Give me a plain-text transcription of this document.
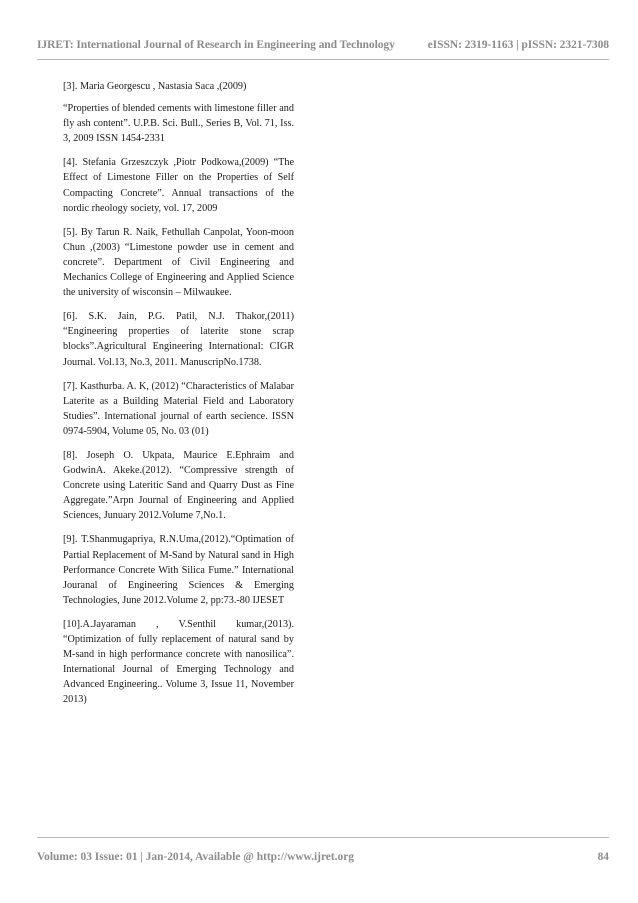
IJRET: International Journal of Research in Engineering and Technology	eISSN: 2319-1163 | pISSN: 2321-7308

[3]. Maria Georgescu , Nastasia Saca ,(2009)

“Properties of blended cements with limestone filler and fly ash content”. U.P.B. Sci. Bull., Series B, Vol. 71, Iss. 3, 2009 ISSN 1454-2331

[4]. Stefania Grzeszczyk ,Piotr Podkowa,(2009) “The Effect of Limestone Filler on the Properties of Self Compacting Concrete”. Annual transactions of the nordic rheology society, vol. 17, 2009

[5]. By Tarun R. Naik, Fethullah Canpolat, Yoon-moon Chun ,(2003) “Limestone powder use in cement and concrete”. Department of Civil Engineering and Mechanics College of Engineering and Applied Science the university of wisconsin – Milwaukee.

[6]. S.K. Jain, P.G. Patil, N.J. Thakor,(2011) “Engineering properties of laterite stone scrap blocks”.Agricultural Engineering International: CIGR Journal. Vol.13, No.3, 2011. ManuscripNo.1738.

[7]. Kasthurba. A. K, (2012) “Characteristics of Malabar Laterite as a Building Material Field and Laboratory Studies”. International journal of earth secience. ISSN 0974-5904, Volume 05, No. 03 (01)

[8]. Joseph O. Ukpata, Maurice E.Ephraim and GodwinA. Akeke.(2012). “Compressive strength of Concrete using Lateritic Sand and Quarry Dust as Fine Aggregate.”Arpn Journal of Engineering and Applied Sciences, Junuary 2012.Volume 7,No.1.

[9]. T.Shanmugapriya, R.N.Uma,(2012).“Optimation of Partial Replacement of M-Sand by Natural sand in High Performance Concrete With Silica Fume.” International Jouranal of Engineering Sciences & Emerging Technologies, June 2012.Volume 2, pp:73.-80 IJESET

[10].A.Jayaraman , V.Senthil kumar,(2013). “Optimization of fully replacement of natural sand by M-sand in high performance concrete with nanosilica”. International Journal of Emerging Technology and Advanced Engineering.. Volume 3, Issue 11, November 2013)

Volume: 03 Issue: 01 | Jan-2014, Available @ http://www.ijret.org	84
